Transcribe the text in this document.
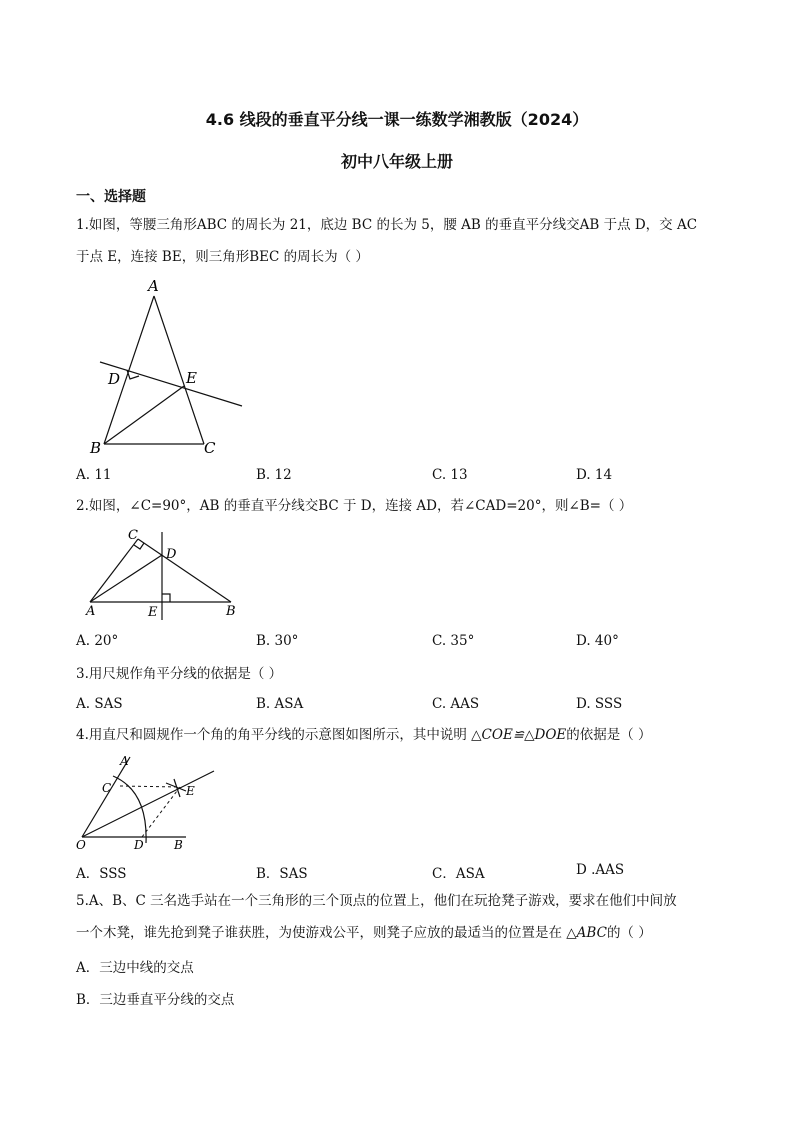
4.6 线段的垂直平分线一课一练数学湘教版（2024）
初中八年级上册
一、选择题
1.如图，等腰三角形ABC 的周长为 21，底边 BC 的长为 5，腰 AB 的垂直平分线交AB 于点 D，交 AC
于点 E，连接 BE，则三角形BEC 的周长为（ ）
A
B	C
D	E
A. 11	B. 12	C. 13	D. 14
2.如图，∠C=90°，AB 的垂直平分线交BC 于 D，连接 AD，若∠CAD=20°，则∠B=（ ）
C
D
A	E	B
A. 20°	B. 30°	C. 35°	D. 40°
3.用尺规作角平分线的依据是（ ）
A. SAS	B. ASA	C. AAS	D. SSS
4.用直尺和圆规作一个角的角平分线的示意图如图所示，其中说明 △COE≌△DOE的依据是（ ）
A
C	E
O	D	B
A．SSS	B．SAS	C．ASA	D .AAS
5.A、B、C 三名选手站在一个三角形的三个顶点的位置上，他们在玩抢凳子游戏，要求在他们中间放
一个木凳，谁先抢到凳子谁获胜，为使游戏公平，则凳子应放的最适当的位置是在 △ABC的（ ）
A．三边中线的交点
B．三边垂直平分线的交点
